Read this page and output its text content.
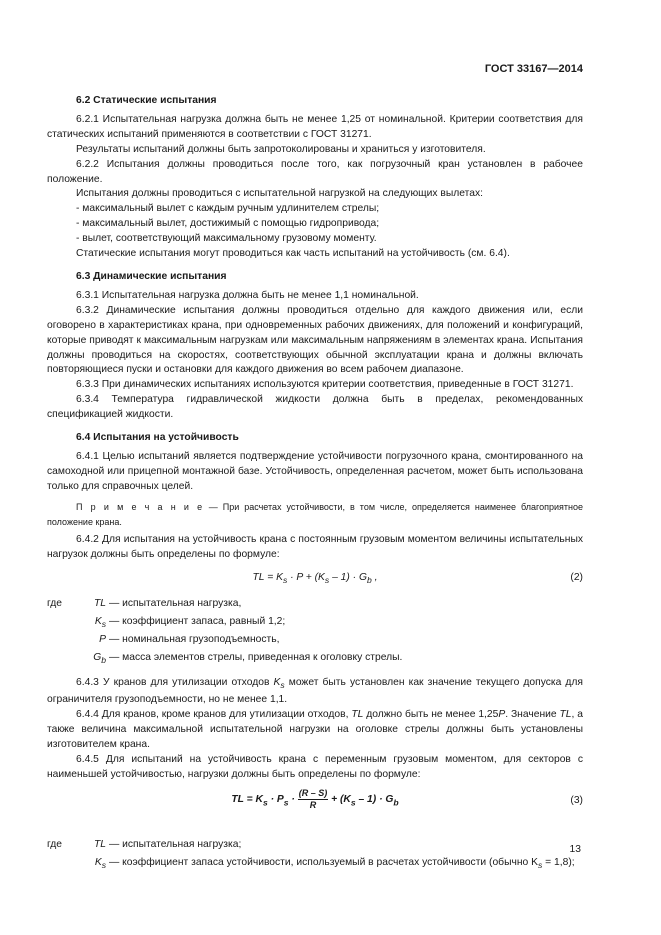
ГОСТ 33167—2014
6.2 Статические испытания

6.2.1 Испытательная нагрузка должна быть не менее 1,25 от номинальной. Критерии соответствия для статических испытаний применяются в соответствии с ГОСТ 31271.

Результаты испытаний должны быть запротоколированы и храниться у изготовителя.

6.2.2 Испытания должны проводиться после того, как погрузочный кран установлен в рабочее положение.

Испытания должны проводиться с испытательной нагрузкой на следующих вылетах:

- максимальный вылет с каждым ручным удлинителем стрелы;

- максимальный вылет, достижимый с помощью гидропривода;

- вылет, соответствующий максимальному грузовому моменту.

Статические испытания могут проводиться как часть испытаний на устойчивость (см. 6.4).

6.3 Динамические испытания

6.3.1 Испытательная нагрузка должна быть не менее 1,1 номинальной.

6.3.2 Динамические испытания должны проводиться отдельно для каждого движения или, если оговорено в характеристиках крана, при одновременных рабочих движениях, для положений и конфигураций, которые приводят к максимальным нагрузкам или максимальным напряжениям в элементах крана. Испытания должны проводиться на скоростях, соответствующих обычной эксплуатации крана и должны включать повторяющиеся пуски и остановки для каждого движения во всем рабочем диапазоне.

6.3.3 При динамических испытаниях используются критерии соответствия, приведенные в ГОСТ 31271.

6.3.4 Температура гидравлической жидкости должна быть в пределах, рекомендованных спецификацией жидкости.

6.4 Испытания на устойчивость

6.4.1 Целью испытаний является подтверждение устойчивости погрузочного крана, смонтированного на самоходной или прицепной монтажной базе. Устойчивость, определенная расчетом, может быть использована только для справочных целей.

П р и м е ч а н и е — При расчетах устойчивости, в том числе, определяется наименее благоприятное положение крана.

6.4.2 Для испытания на устойчивость крана с постоянным грузовым моментом величины испытательных нагрузок должны быть определены по формуле:

TL = $K_s \cdot P + (K_s - 1) \cdot G_b$ ,	(2)
где	TL — испытательная нагрузка,
$K_s$ — коэффициент запаса, равный 1,2;
P — номинальная грузоподъемность,
$G_b$ — масса элементов стрелы, приведенная к оголовку стрелы.

6.4.3 У кранов для утилизации отходов $K_s$ может быть установлен как значение текущего допуска для ограничителя грузоподъемности, но не менее 1,1.

6.4.4 Для кранов, кроме кранов для утилизации отходов, TL должно быть не менее 1,25P. Значение TL, а также величина максимальной испытательной нагрузки на оголовке стрелы должны быть установлены изготовителем крана.

6.4.5 Для испытаний на устойчивость крана с переменным грузовым моментом, для секторов с наименьшей устойчивостью, нагрузки должны быть определены по формуле:

TL = $K_s \cdot P_s \cdot \frac{(R - S)}{R} + (K_s - 1) \cdot G_b$	(3)
где	TL — испытательная нагрузка;
$K_s$ — коэффициент запаса устойчивости, используемый в расчетах устойчивости (обычно $K_s = 1,8$);
13
